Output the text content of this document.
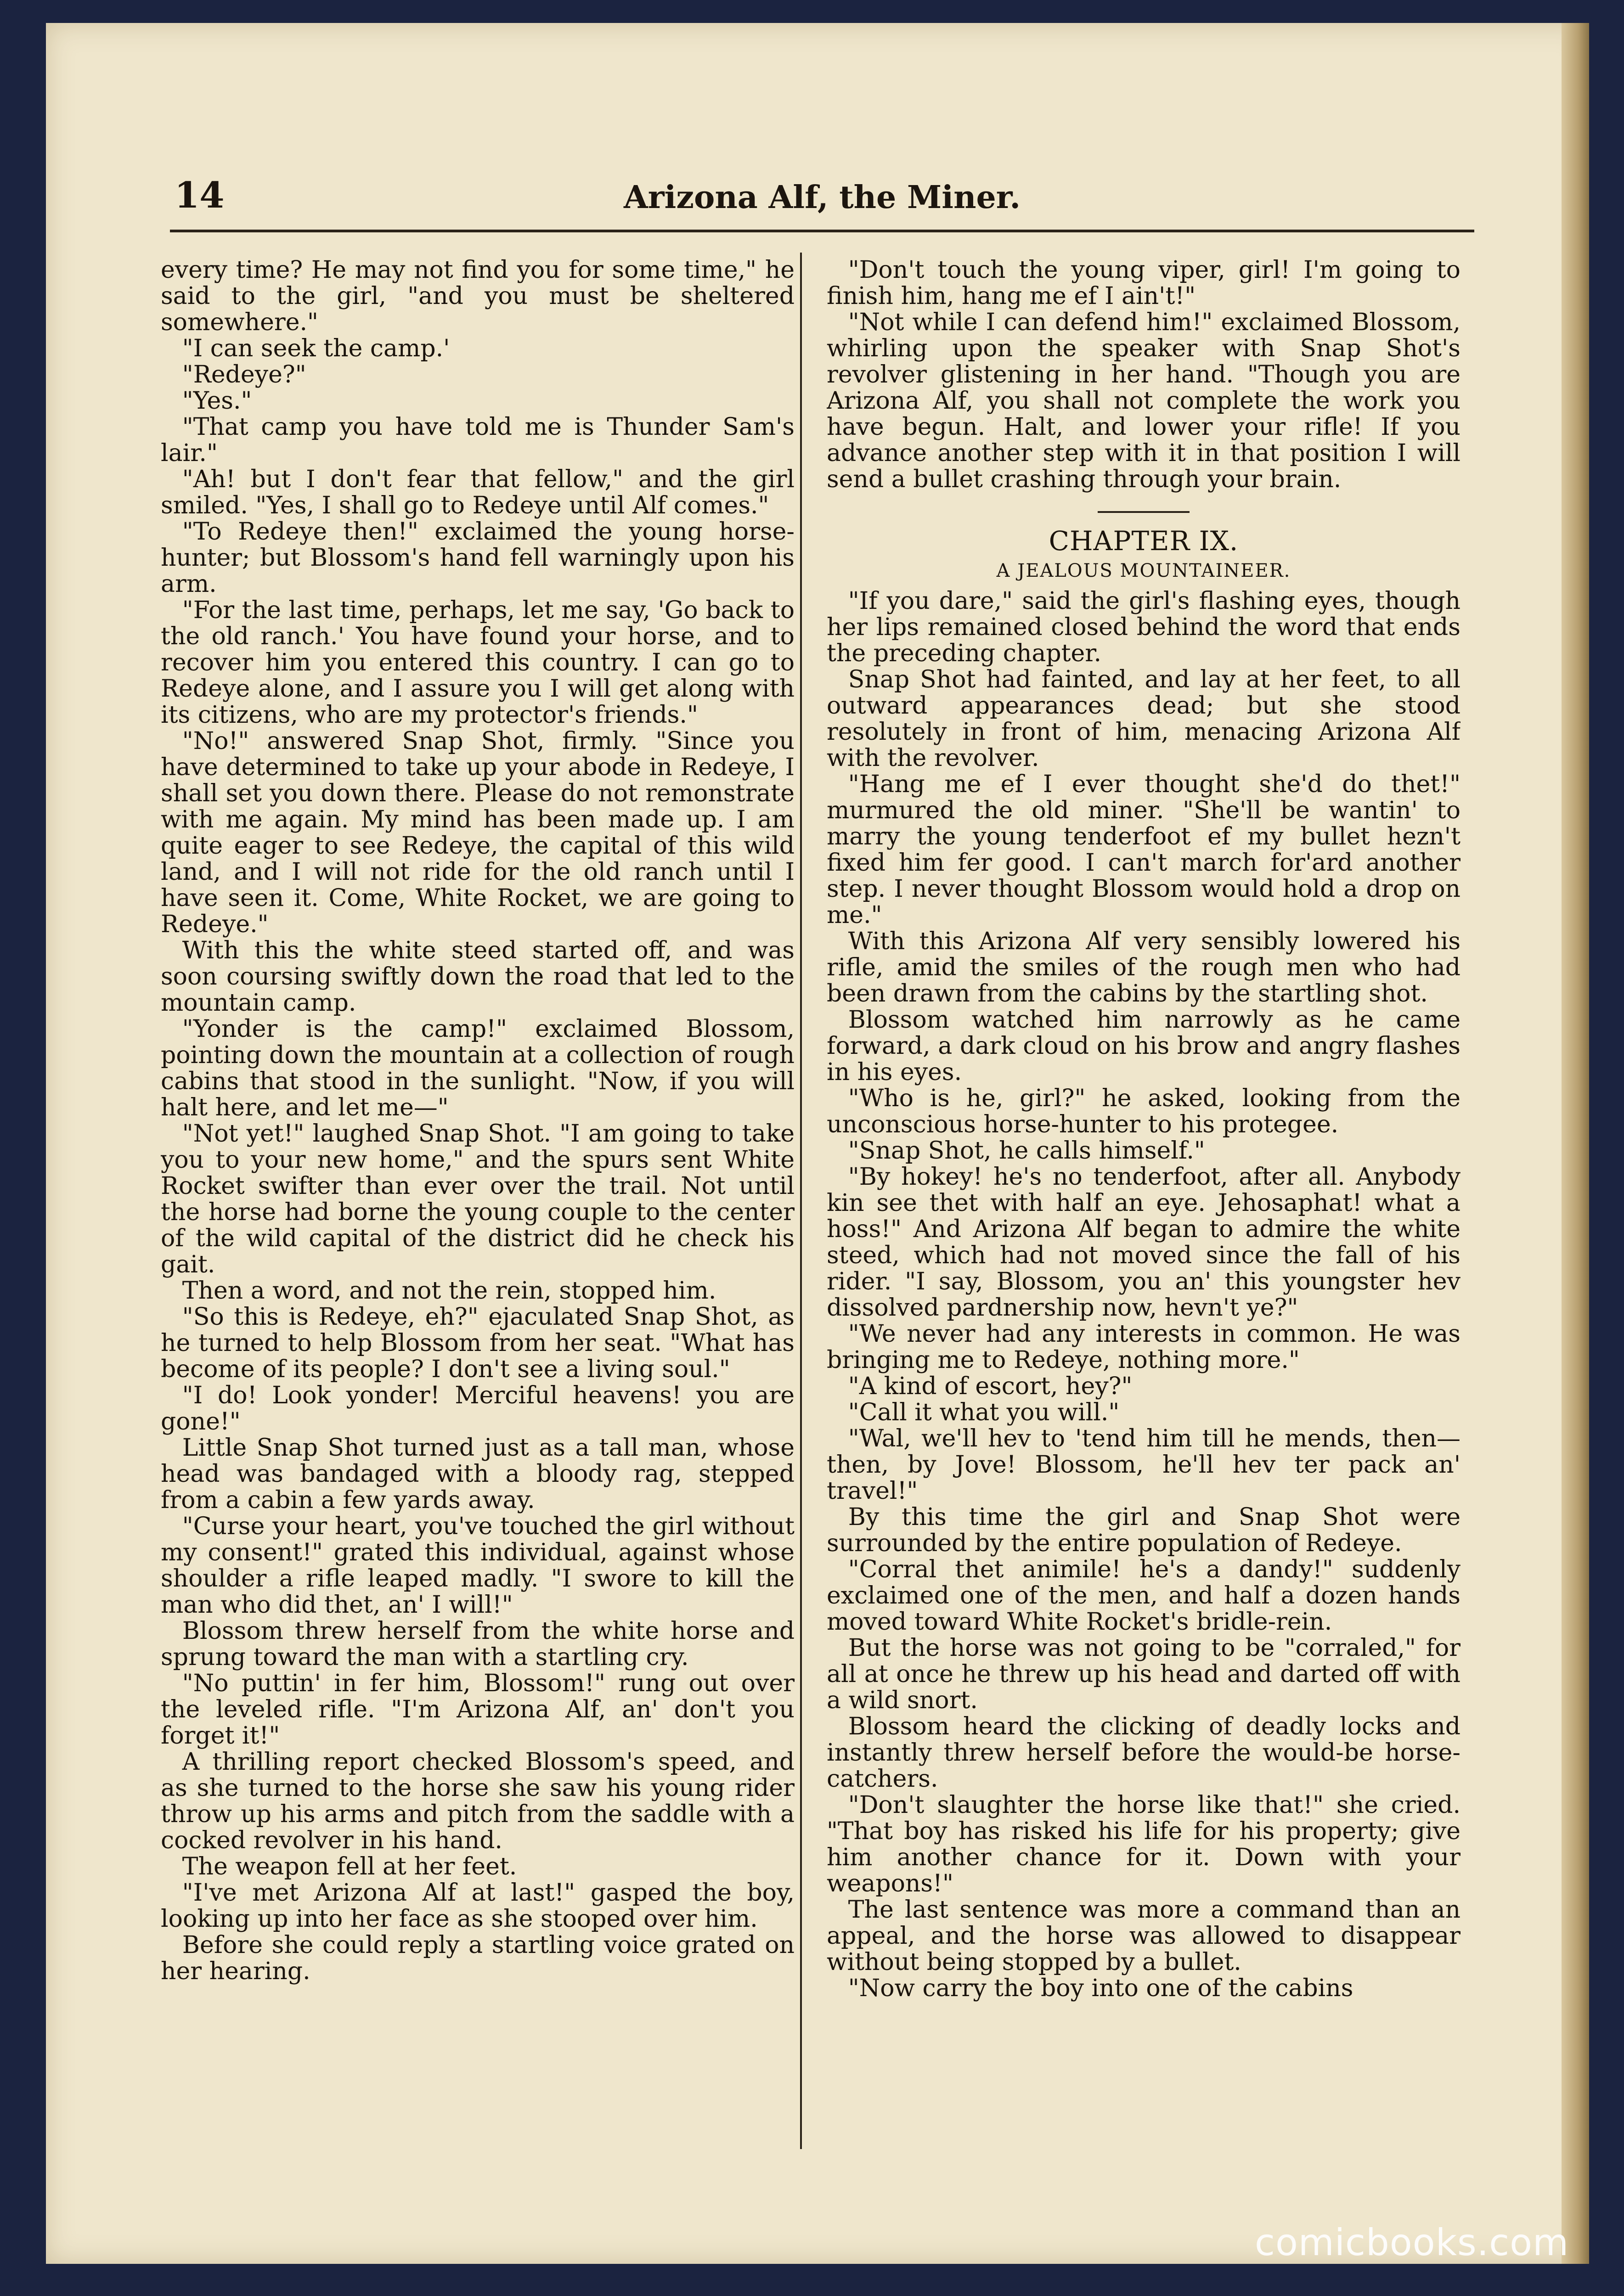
14	Arizona Alf, the Miner.

every time? He may not find you for some time," he said to the girl, "and you must be sheltered somewhere."

"I can seek the camp.'

"Redeye?"

"Yes."

"That camp you have told me is Thunder Sam's lair."

"Ah! but I don't fear that fellow," and the girl smiled. "Yes, I shall go to Redeye until Alf comes."

"To Redeye then!" exclaimed the young horse-hunter; but Blossom's hand fell warningly upon his arm.

"For the last time, perhaps, let me say, 'Go back to the old ranch.' You have found your horse, and to recover him you entered this country. I can go to Redeye alone, and I assure you I will get along with its citizens, who are my protector's friends."

"No!" answered Snap Shot, firmly. "Since you have determined to take up your abode in Redeye, I shall set you down there. Please do not remonstrate with me again. My mind has been made up. I am quite eager to see Redeye, the capital of this wild land, and I will not ride for the old ranch until I have seen it. Come, White Rocket, we are going to Redeye."

With this the white steed started off, and was soon coursing swiftly down the road that led to the mountain camp.

"Yonder is the camp!" exclaimed Blossom, pointing down the mountain at a collection of rough cabins that stood in the sunlight. "Now, if you will halt here, and let me—"

"Not yet!" laughed Snap Shot. "I am going to take you to your new home," and the spurs sent White Rocket swifter than ever over the trail. Not until the horse had borne the young couple to the center of the wild capital of the district did he check his gait.

Then a word, and not the rein, stopped him.

"So this is Redeye, eh?" ejaculated Snap Shot, as he turned to help Blossom from her seat. "What has become of its people? I don't see a living soul."

"I do! Look yonder! Merciful heavens! you are gone!"

Little Snap Shot turned just as a tall man, whose head was bandaged with a bloody rag, stepped from a cabin a few yards away.

"Curse your heart, you've touched the girl without my consent!" grated this individual, against whose shoulder a rifle leaped madly. "I swore to kill the man who did thet, an' I will!"

Blossom threw herself from the white horse and sprung toward the man with a startling cry.

"No puttin' in fer him, Blossom!" rung out over the leveled rifle. "I'm Arizona Alf, an' don't you forget it!"

A thrilling report checked Blossom's speed, and as she turned to the horse she saw his young rider throw up his arms and pitch from the saddle with a cocked revolver in his hand.

The weapon fell at her feet.

"I've met Arizona Alf at last!" gasped the boy, looking up into her face as she stooped over him.

Before she could reply a startling voice grated on her hearing.

"Don't touch the young viper, girl! I'm going to finish him, hang me ef I ain't!"

"Not while I can defend him!" exclaimed Blossom, whirling upon the speaker with Snap Shot's revolver glistening in her hand. "Though you are Arizona Alf, you shall not complete the work you have begun. Halt, and lower your rifle! If you advance another step with it in that position I will send a bullet crashing through your brain.

CHAPTER IX.

A JEALOUS MOUNTAINEER.

"If you dare," said the girl's flashing eyes, though her lips remained closed behind the word that ends the preceding chapter.

Snap Shot had fainted, and lay at her feet, to all outward appearances dead; but she stood resolutely in front of him, menacing Arizona Alf with the revolver.

"Hang me ef I ever thought she'd do thet!" murmured the old miner. "She'll be wantin' to marry the young tenderfoot ef my bullet hezn't fixed him fer good. I can't march for'ard another step. I never thought Blossom would hold a drop on me."

With this Arizona Alf very sensibly lowered his rifle, amid the smiles of the rough men who had been drawn from the cabins by the startling shot.

Blossom watched him narrowly as he came forward, a dark cloud on his brow and angry flashes in his eyes.

"Who is he, girl?" he asked, looking from the unconscious horse-hunter to his protegee.

"Snap Shot, he calls himself."

"By hokey! he's no tenderfoot, after all. Anybody kin see thet with half an eye. Jehosaphat! what a hoss!" And Arizona Alf began to admire the white steed, which had not moved since the fall of his rider. "I say, Blossom, you an' this youngster hev dissolved pardnership now, hevn't ye?"

"We never had any interests in common. He was bringing me to Redeye, nothing more."

"A kind of escort, hey?"

"Call it what you will."

"Wal, we'll hev to 'tend him till he mends, then—then, by Jove! Blossom, he'll hev ter pack an' travel!"

By this time the girl and Snap Shot were surrounded by the entire population of Redeye.

"Corral thet animile! he's a dandy!" suddenly exclaimed one of the men, and half a dozen hands moved toward White Rocket's bridle-rein.

But the horse was not going to be "corraled," for all at once he threw up his head and darted off with a wild snort.

Blossom heard the clicking of deadly locks and instantly threw herself before the would-be horse-catchers.

"Don't slaughter the horse like that!" she cried. "That boy has risked his life for his property; give him another chance for it. Down with your weapons!"

The last sentence was more a command than an appeal, and the horse was allowed to disappear without being stopped by a bullet.

"Now carry the boy into one of the cabins

comicbooks.com
